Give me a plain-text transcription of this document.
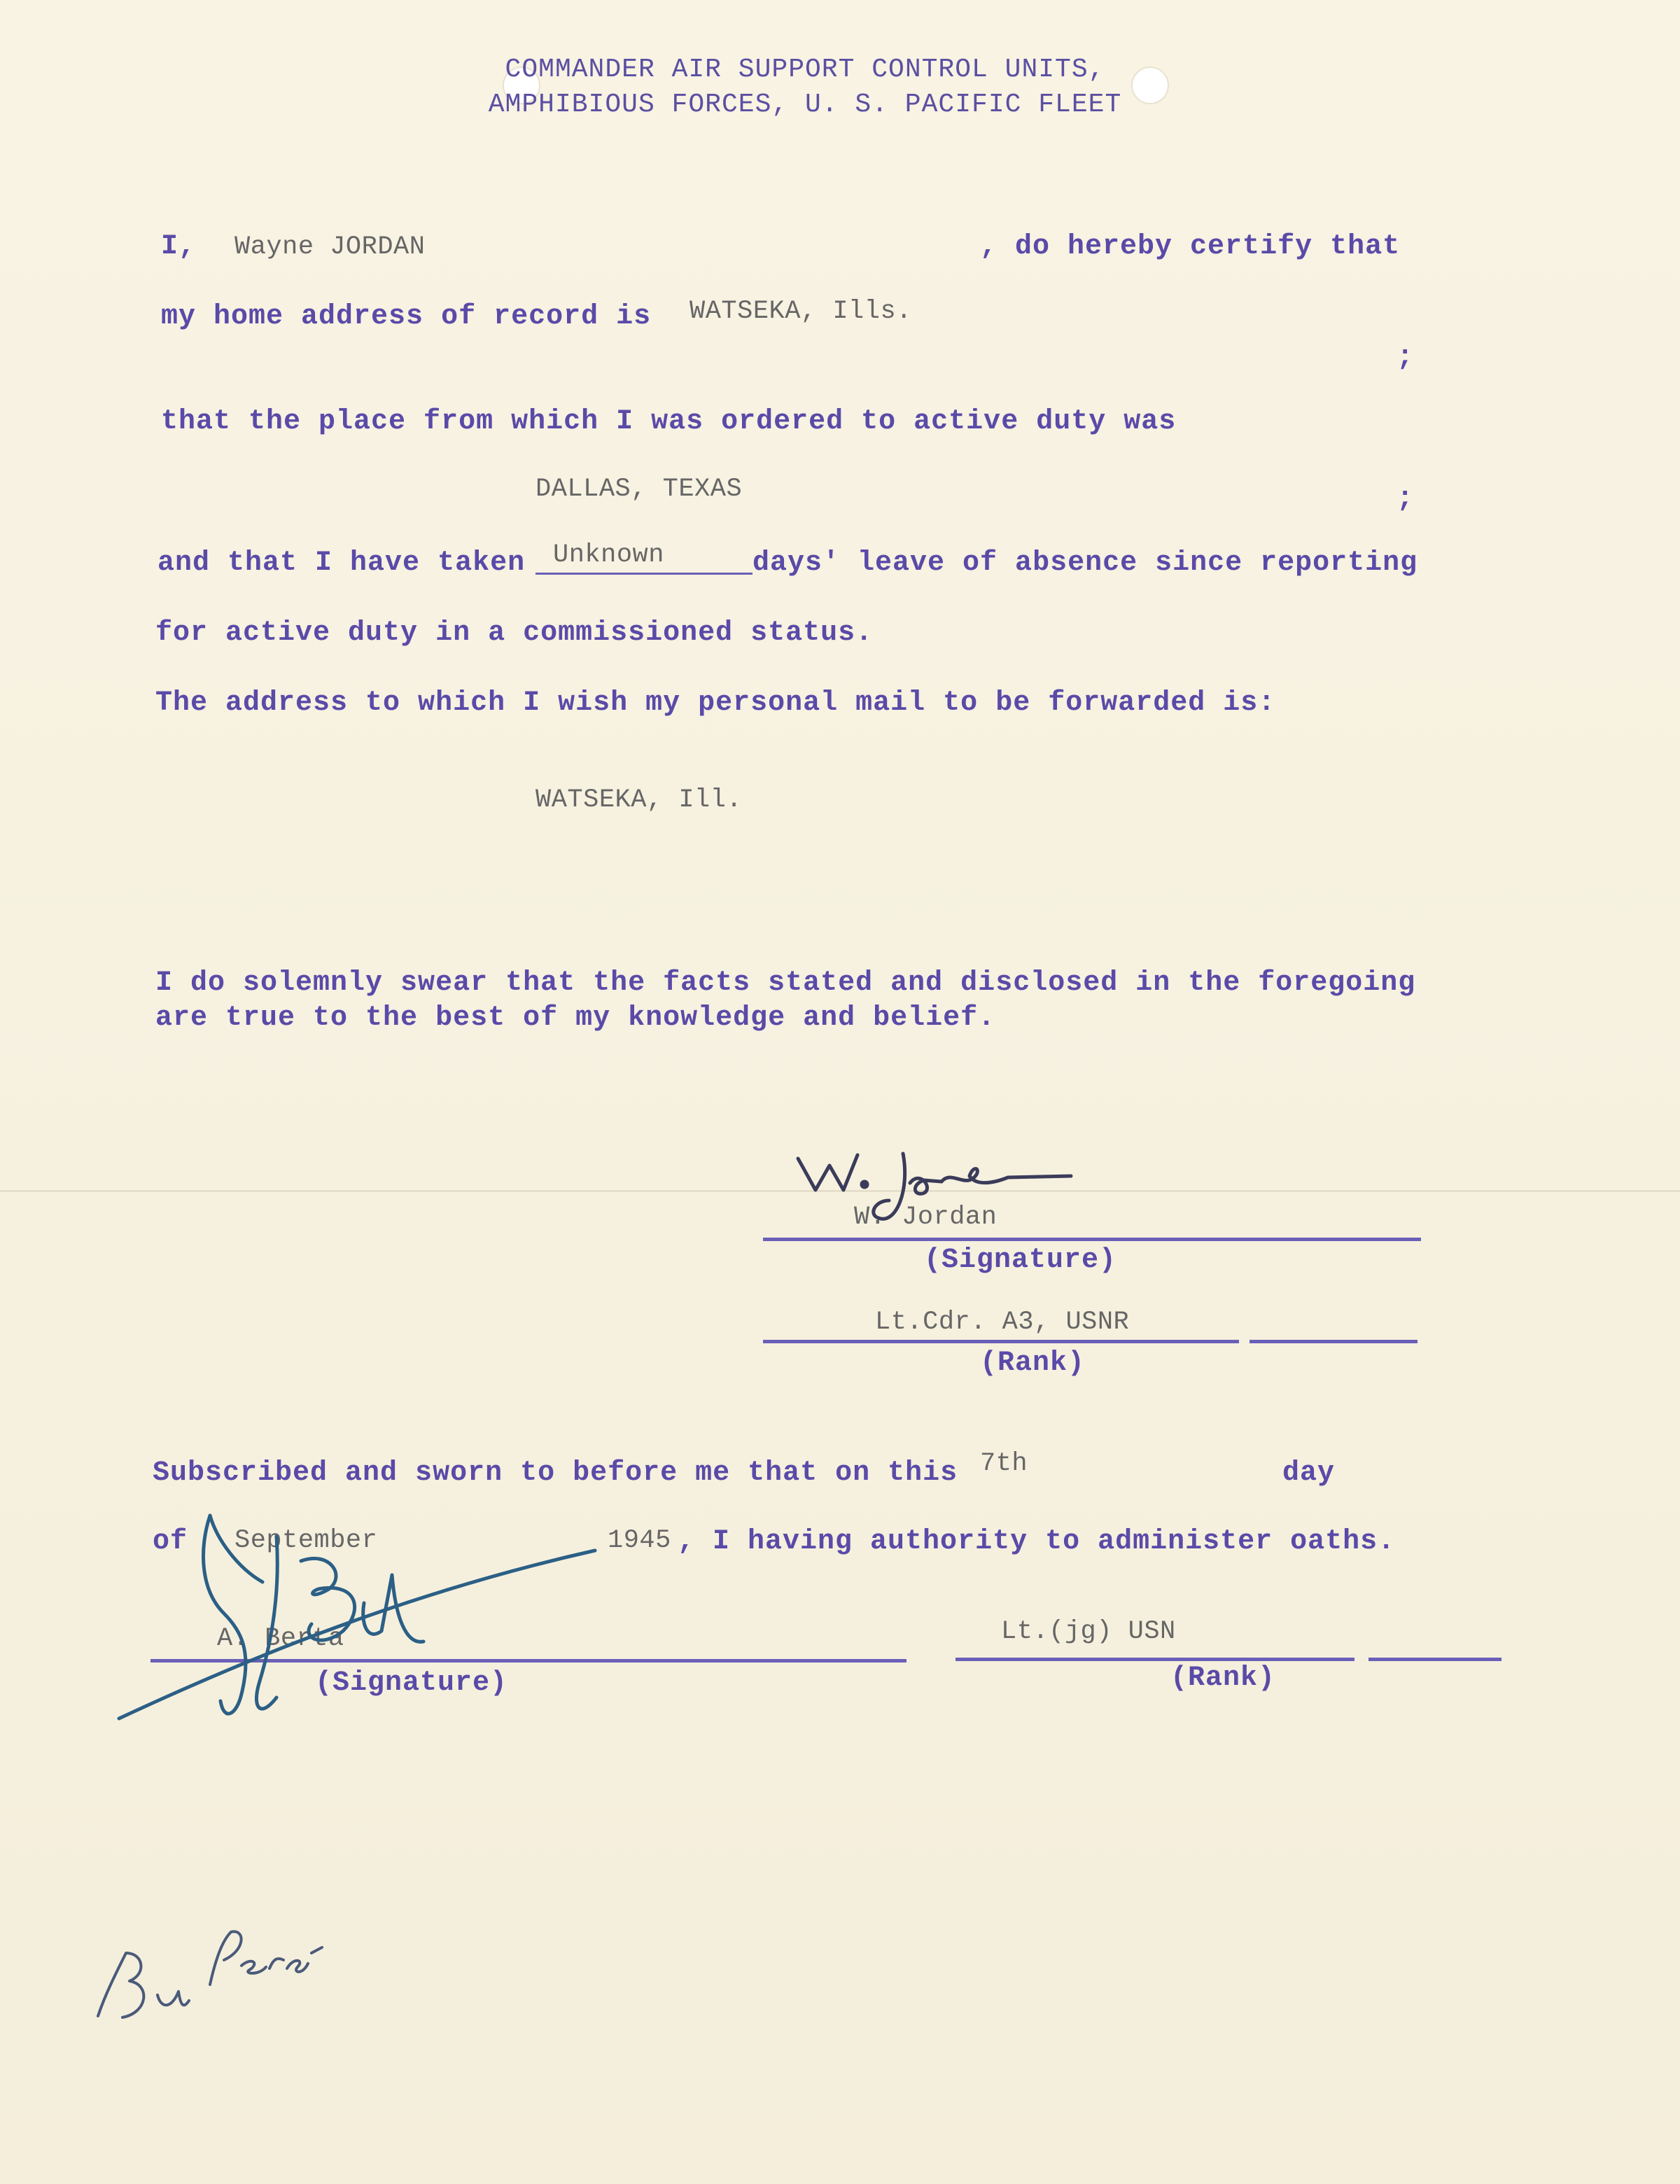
COMMANDER AIR SUPPORT CONTROL UNITS,
AMPHIBIOUS FORCES, U. S. PACIFIC FLEET
I, Wayne JORDAN	, do hereby certify that
my home address of record is WATSEKA, Ills.
;
that the place from which I was ordered to active duty was
DALLAS, TEXAS	;
and that I have taken Unknown	days' leave of absence since reporting
for active duty in a commissioned status.
The address to which I wish my personal mail to be forwarded is:
WATSEKA, Ill.
I do solemnly swear that the facts stated and disclosed in the foregoing
are true to the best of my knowledge and belief.
W. Jordan
(Signature)
Lt.Cdr. A3, USNR
(Rank)
Subscribed and sworn to before me that on this 7th	day
of September	1945 , I having authority to administer oaths.
A. Berta
(Signature)
Lt.(jg) USN
(Rank)
